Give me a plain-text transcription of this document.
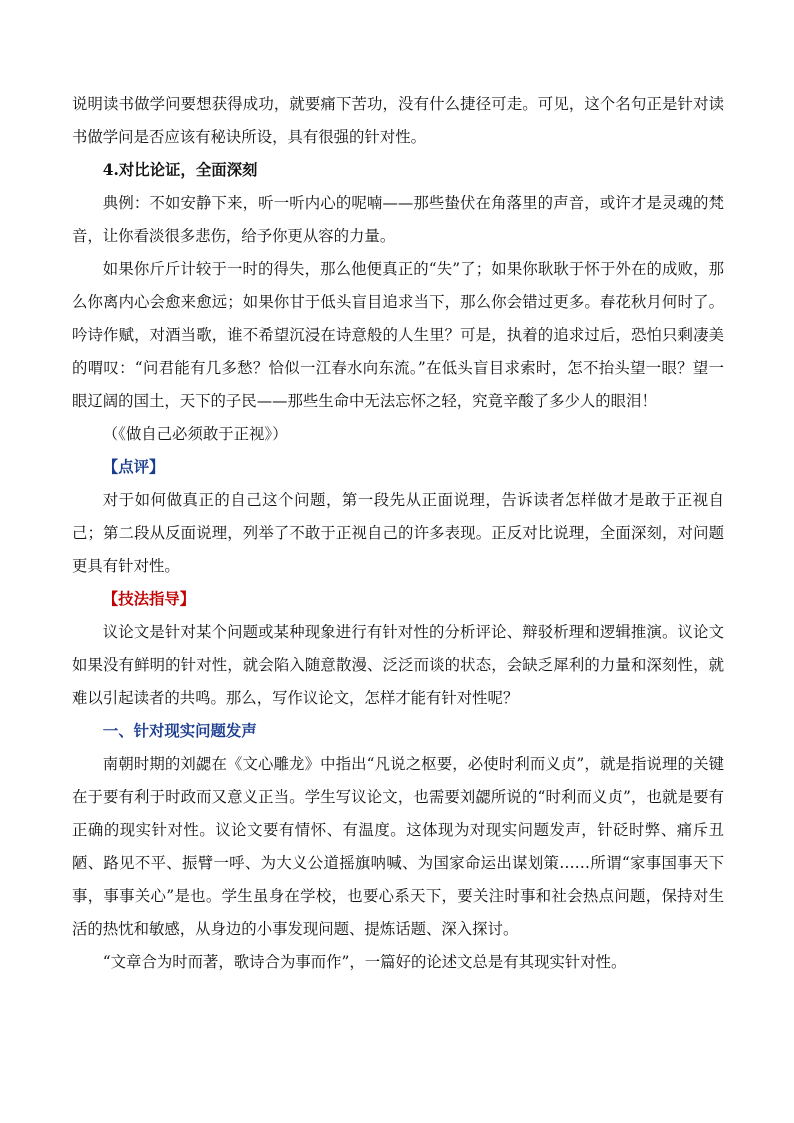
说明读书做学问要想获得成功，就要痛下苦功，没有什么捷径可走。可见，这个名句正是针对读书做学问是否应该有秘诀所设，具有很强的针对性。

4.对比论证，全面深刻

典例：不如安静下来，听一听内心的呢喃——那些蛰伏在角落里的声音，或许才是灵魂的梵音，让你看淡很多悲伤，给予你更从容的力量。

如果你斤斤计较于一时的得失，那么他便真正的“失”了；如果你耿耿于怀于外在的成败，那么你离内心会愈来愈远；如果你甘于低头盲目追求当下，那么你会错过更多。春花秋月何时了。吟诗作赋，对酒当歌，谁不希望沉浸在诗意般的人生里？可是，执着的追求过后，恐怕只剩凄美的喟叹：“问君能有几多愁？恰似一江春水向东流。”在低头盲目求索时，怎不抬头望一眼？望一眼辽阔的国土，天下的子民——那些生命中无法忘怀之轻，究竟辛酸了多少人的眼泪！

（《做自己必须敢于正视》）

【点评】

对于如何做真正的自己这个问题，第一段先从正面说理，告诉读者怎样做才是敢于正视自己；第二段从反面说理，列举了不敢于正视自己的许多表现。正反对比说理，全面深刻，对问题更具有针对性。

【技法指导】

议论文是针对某个问题或某种现象进行有针对性的分析评论、辩驳析理和逻辑推演。议论文如果没有鲜明的针对性，就会陷入随意散漫、泛泛而谈的状态，会缺乏犀利的力量和深刻性，就难以引起读者的共鸣。那么，写作议论文，怎样才能有针对性呢？

一、针对现实问题发声

南朝时期的刘勰在《文心雕龙》中指出“凡说之枢要，必使时利而义贞”，就是指说理的关键在于要有利于时政而又意义正当。学生写议论文，也需要刘勰所说的“时利而义贞”，也就是要有正确的现实针对性。议论文要有情怀、有温度。这体现为对现实问题发声，针砭时弊、痛斥丑陋、路见不平、振臂一呼、为大义公道摇旗呐喊、为国家命运出谋划策……所谓“家事国事天下事，事事关心”是也。学生虽身在学校，也要心系天下，要关注时事和社会热点问题，保持对生活的热忱和敏感，从身边的小事发现问题、提炼话题、深入探讨。

“文章合为时而著，歌诗合为事而作”，一篇好的论述文总是有其现实针对性。
